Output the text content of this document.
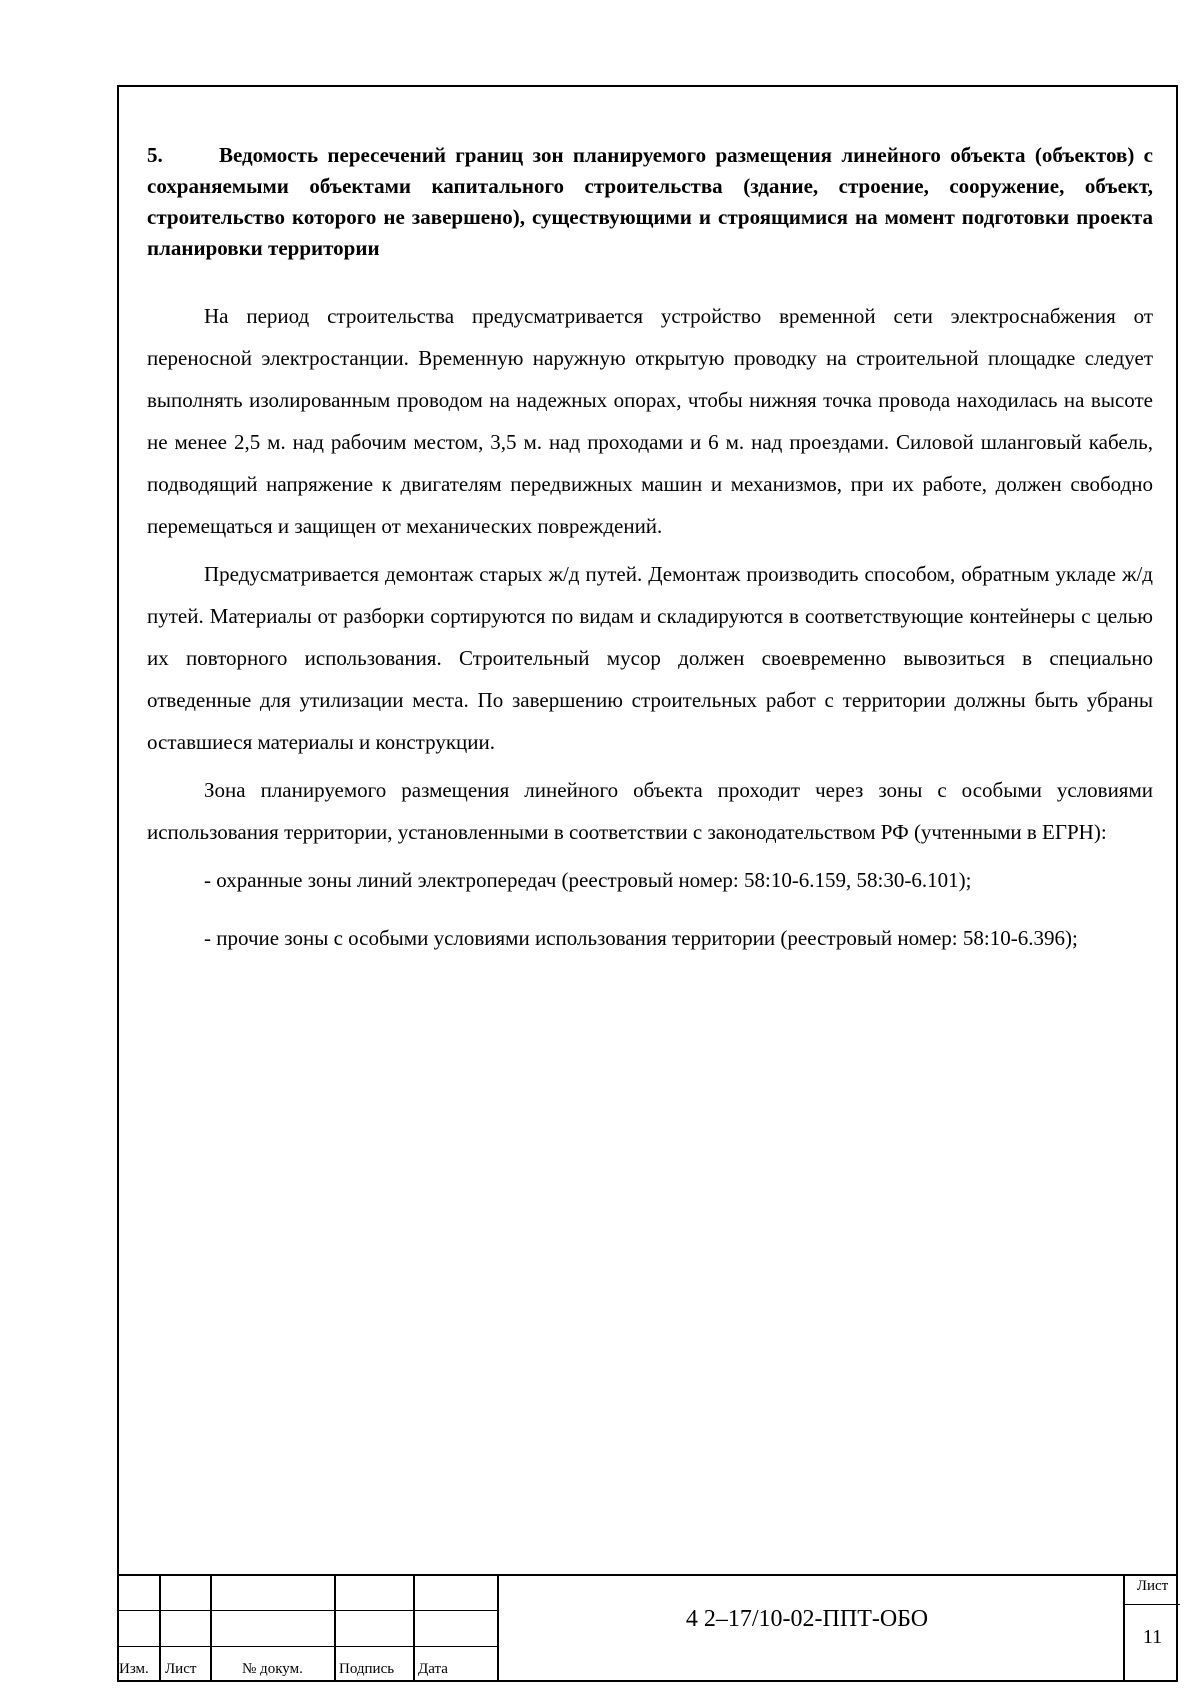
5.	Ведомость пересечений границ зон планируемого размещения линейного объекта (объектов) с сохраняемыми объектами капитального строительства (здание, строение, сооружение, объект, строительство которого не завершено), существующими и строящимися на момент подготовки проекта планировки территории

На период строительства предусматривается устройство временной сети электроснабжения от переносной электростанции. Временную наружную открытую проводку на строительной площадке следует выполнять изолированным проводом на надежных опорах, чтобы нижняя точка провода находилась на высоте не менее 2,5 м. над рабочим местом, 3,5 м. над проходами и 6 м. над проездами. Силовой шланговый кабель, подводящий напряжение к двигателям передвижных машин и механизмов, при их работе, должен свободно перемещаться и защищен от механических повреждений.

Предусматривается демонтаж старых ж/д путей. Демонтаж производить способом, обратным укладе ж/д путей. Материалы от разборки сортируются по видам и складируются в соответствующие контейнеры с целью их повторного использования. Строительный мусор должен своевременно вывозиться в специально отведенные для утилизации места. По завершению строительных работ с территории должны быть убраны оставшиеся материалы и конструкции.

Зона планируемого размещения линейного объекта проходит через зоны с особыми условиями использования территории, установленными в соответствии с законодательством РФ (учтенными в ЕГРН):

- охранные зоны линий электропередач (реестровый номер: 58:10-6.159, 58:30-6.101);

- прочие зоны с особыми условиями использования территории (реестровый номер: 58:10-6.396);

Изм. Лист	№ докум. Подпись Дата
4 2–17/10-02-ППТ-ОБО
Лист
11
